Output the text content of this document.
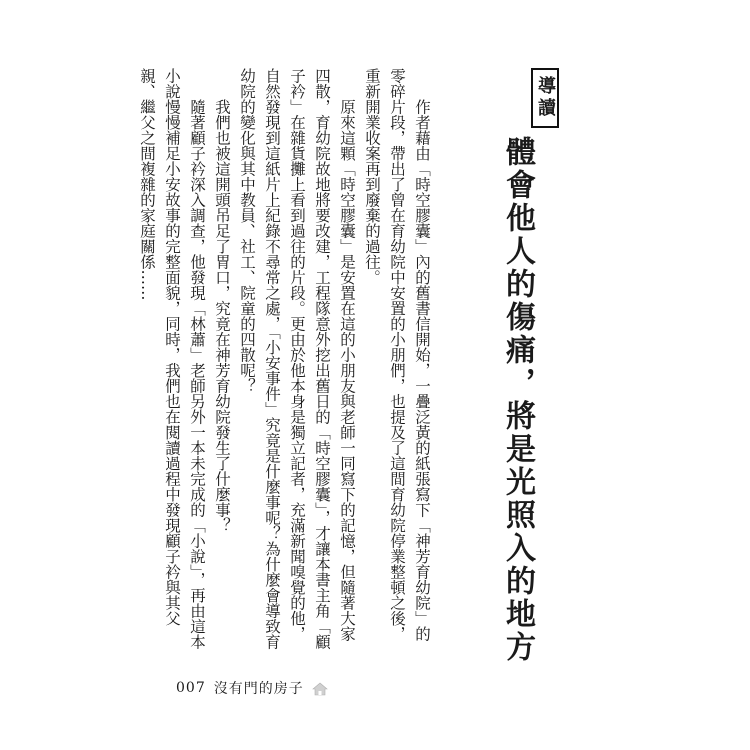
導讀
體會他人的傷痛，將是光照入的地方

作者藉由「時空膠囊」內的舊書信開始，一疊泛黃的紙張寫下「神芳育幼院」的零碎片段，帶出了曾在育幼院中安置的小朋們，也提及了這間育幼院停業整頓之後，重新開業收案再到廢棄的過往。

原來這顆「時空膠囊」是安置在這的小朋友與老師一同寫下的記憶，但隨著大家四散，育幼院故地將要改建，工程隊意外挖出舊日的「時空膠囊」，才讓本書主角「顧子衿」在雜貨攤上看到過往的片段。更由於他本身是獨立記者，充滿新聞嗅覺的他，自然發現到這紙片上紀錄不尋常之處，「小安事件」究竟是什麼事呢？為什麼會導致育幼院的變化與其中教員、社工、院童的四散呢？

我們也被這開頭吊足了胃口，究竟在神芳育幼院發生了什麼事？

隨著顧子衿深入調查，他發現「林蕭」老師另外一本未完成的「小說」，再由這本小說慢慢補足小安故事的完整面貌，同時，我們也在閱讀過程中發現顧子衿與其父親、繼父之間複雜的家庭關係……

007 沒有門的房子
